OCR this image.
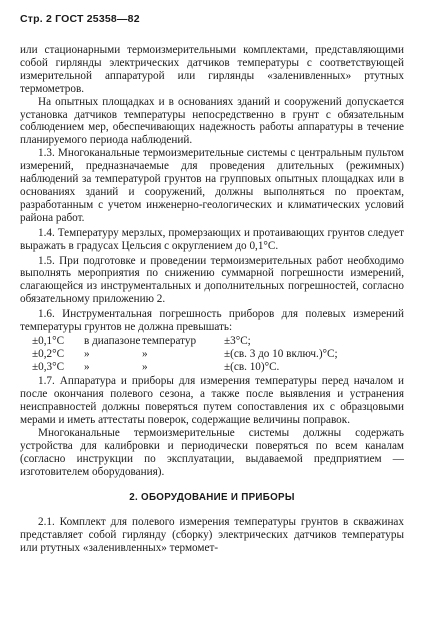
Стр. 2 ГОСТ 25358—82

или стационарными термоизмерительными комплектами, представляющими собой гирлянды электрических датчиков температуры с соответствующей измерительной аппаратурой или гирлянды «заленивленных» ртутных термометров.

На опытных площадках и в основаниях зданий и сооружений допускается установка датчиков температуры непосредственно в грунт с обязательным соблюдением мер, обеспечивающих надежность работы аппаратуры в течение планируемого периода наблюдений.

1.3. Многоканальные термоизмерительные системы с центральным пультом измерений, предназначаемые для проведения длительных (режимных) наблюдений за температурой грунтов на групповых опытных площадках или в основаниях зданий и сооружений, должны выполняться по проектам, разработанным с учетом инженерно-геологических и климатических условий района работ.

1.4. Температуру мерзлых, промерзающих и протаивающих грунтов следует выражать в градусах Цельсия с округлением до 0,1°С.

1.5. При подготовке и проведении термоизмерительных работ необходимо выполнять мероприятия по снижению суммарной погрешности измерений, слагающейся из инструментальных и дополнительных погрешностей, согласно обязательному приложению 2.

1.6. Инструментальная погрешность приборов для полевых измерений температуры грунтов не должна превышать:

±0,1°С	в диапазоне температур	±3°С;
±0,2°С	»	»	±(св. 3 до 10 включ.)°С;
±0,3°С	»	»	±(св. 10)°С.

1.7. Аппаратура и приборы для измерения температуры перед началом и после окончания полевого сезона, а также после выявления и устранения неисправностей должны поверяться путем сопоставления их с образцовыми мерами и иметь аттестаты поверок, содержащие величины поправок.

Многоканальные термоизмерительные системы должны содержать устройства для калибровки и периодически поверяться по всем каналам (согласно инструкции по эксплуатации, выдаваемой предприятием — изготовителем оборудования).

2. ОБОРУДОВАНИЕ И ПРИБОРЫ

2.1. Комплект для полевого измерения температуры грунтов в скважинах представляет собой гирлянду (сборку) электрических датчиков температуры или ртутных «заленивленных» термомет-
